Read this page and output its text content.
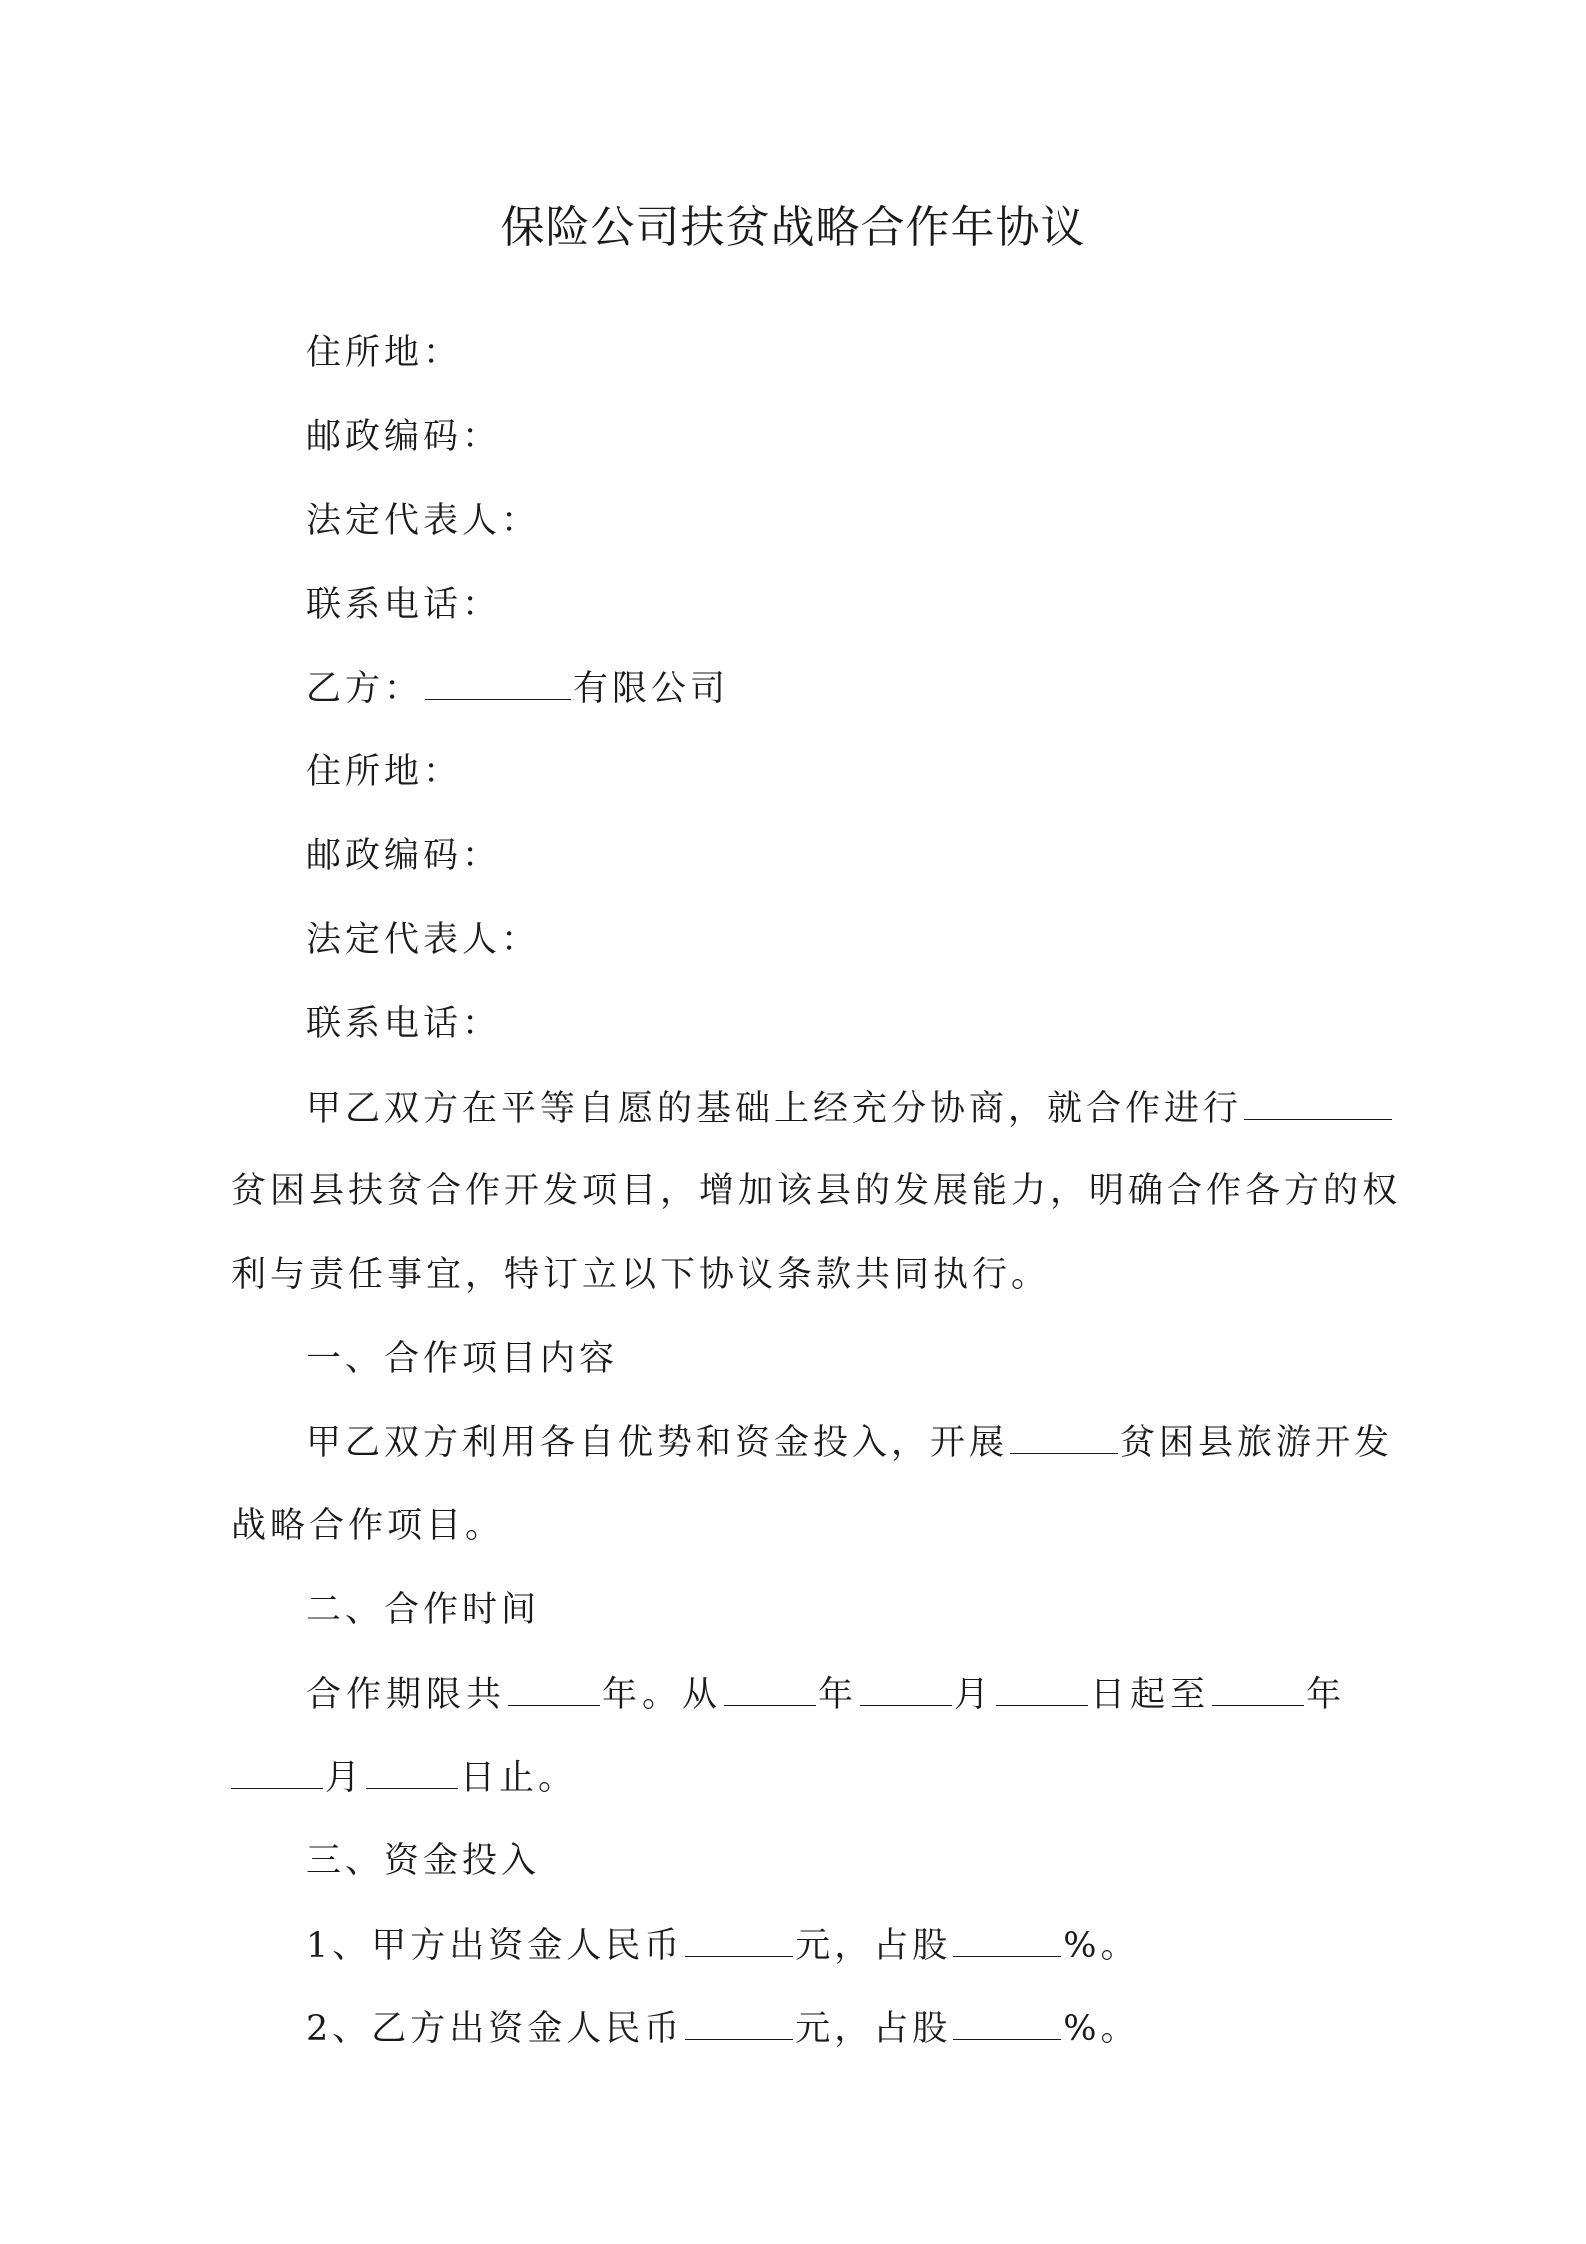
保险公司扶贫战略合作年协议
住所地：
邮政编码：
法定代表人：
联系电话：
乙方：	有限公司
住所地：
邮政编码：
法定代表人：
联系电话：
甲乙双方在平等自愿的基础上经充分协商，就合作进行
贫困县扶贫合作开发项目，增加该县的发展能力，明确合作各方的权
利与责任事宜，特订立以下协议条款共同执行。
一、合作项目内容
甲乙双方利用各自优势和资金投入，开展	贫困县旅游开发
战略合作项目。
二、合作时间
合作期限共	年。从	年	月	日起至	年
月	日止。
三、资金投入
1、甲方出资金人民币	元，占股	%。
2、乙方出资金人民币	元，占股	%。
